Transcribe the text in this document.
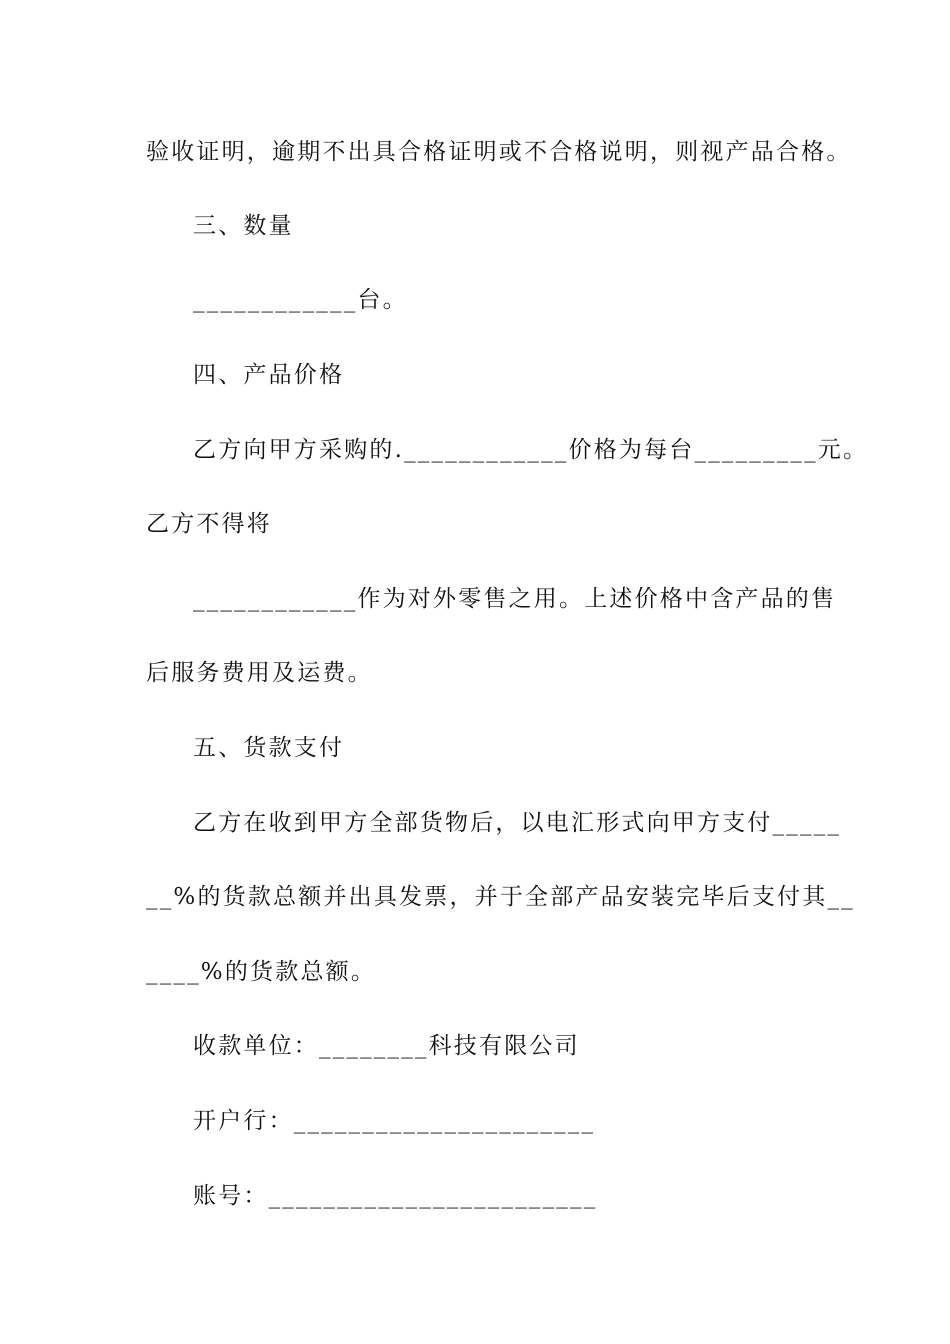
验收证明，逾期不出具合格证明或不合格说明，则视产品合格。
三、数量
____________台。
四、产品价格
乙方向甲方采购的.____________价格为每台_________元。
乙方不得将
____________作为对外零售之用。上述价格中含产品的售
后服务费用及运费。
五、货款支付
乙方在收到甲方全部货物后，以电汇形式向甲方支付_____
__%的货款总额并出具发票，并于全部产品安装完毕后支付其__
____%的货款总额。
收款单位：________科技有限公司
开户行：______________________
账号：________________________
